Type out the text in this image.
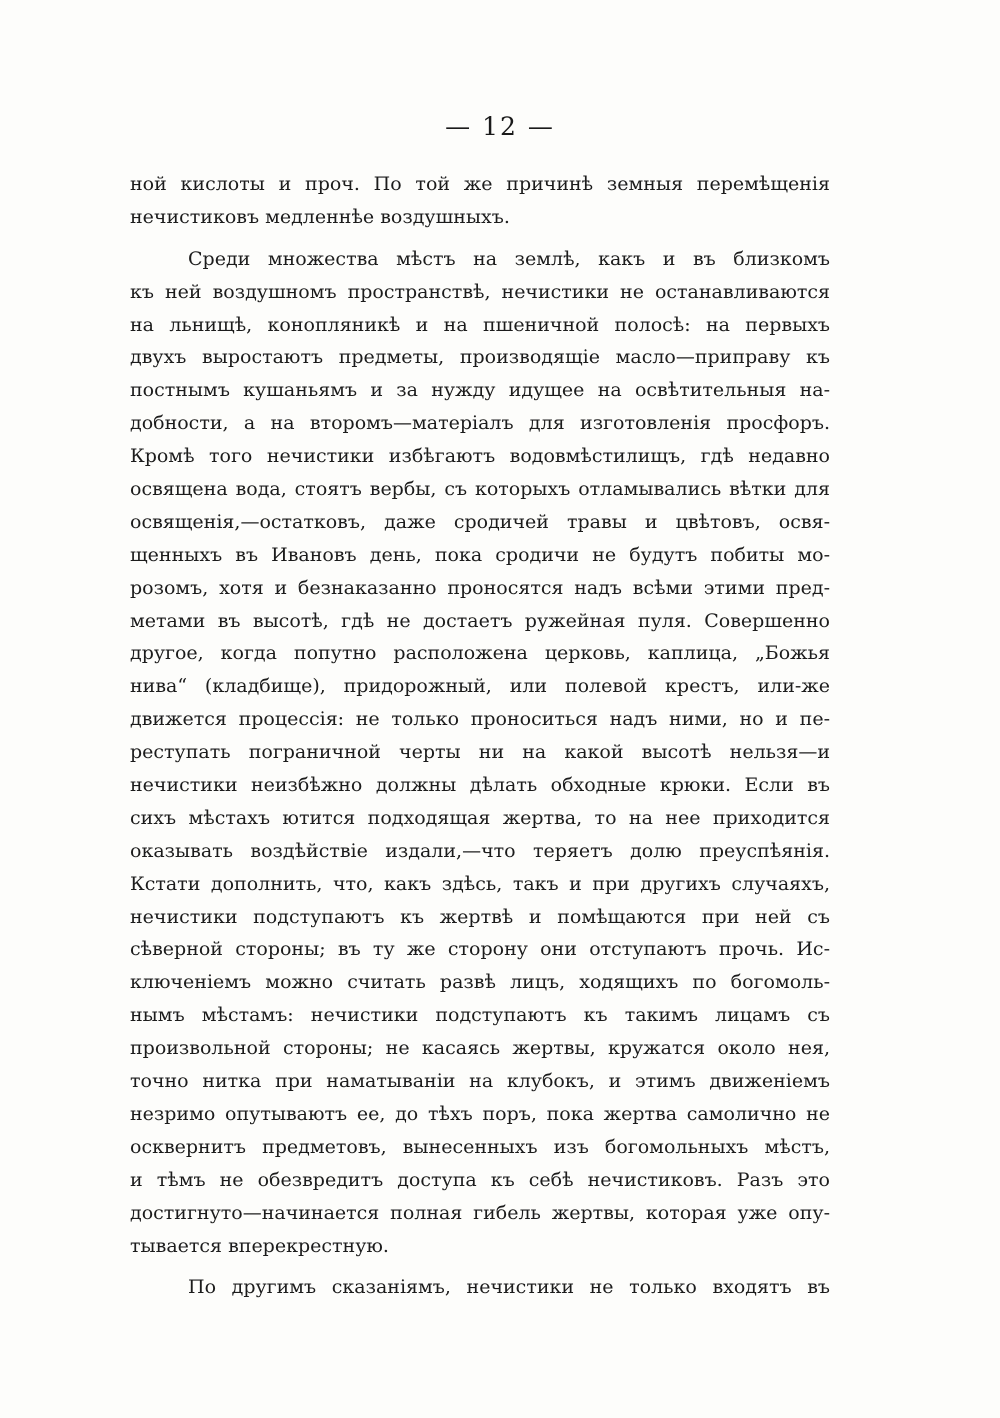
— 12 —
ной кислоты и проч. По той же причинѣ земныя перемѣщенія
нечистиковъ медленнѣе воздушныхъ.
Среди множества мѣстъ на землѣ, какъ и въ близкомъ
къ ней воздушномъ пространствѣ, нечистики не останавливаются
на льнищѣ, конопляникѣ и на пшеничной полосѣ: на первыхъ
двухъ выростаютъ предметы, производящіе масло—приправу къ
постнымъ кушаньямъ и за нужду идущее на освѣтительныя на-
добности, а на второмъ—матеріалъ для изготовленія просфоръ.
Кромѣ того нечистики избѣгаютъ водовмѣстилищъ, гдѣ недавно
освящена вода, стоятъ вербы, съ которыхъ отламывались вѣтки для
освященія,—остатковъ, даже сродичей травы и цвѣтовъ, освя-
щенныхъ въ Ивановъ день, пока сродичи не будутъ побиты мо-
розомъ, хотя и безнаказанно проносятся надъ всѣми этими пред-
метами въ высотѣ, гдѣ не достаетъ ружейная пуля. Совершенно
другое, когда попутно расположена церковь, каплица, „Божья
нива“ (кладбище), придорожный, или полевой крестъ, или-же
движется процессія: не только проноситься надъ ними, но и пе-
реступать пограничной черты ни на какой высотѣ нельзя—и
нечистики неизбѣжно должны дѣлать обходные крюки. Если въ
сихъ мѣстахъ ютится подходящая жертва, то на нее приходится
оказывать воздѣйствіе издали,—что теряетъ долю преуспѣянія.
Кстати дополнить, что, какъ здѣсь, такъ и при другихъ случаяхъ,
нечистики подступаютъ къ жертвѣ и помѣщаются при ней съ
сѣверной стороны; въ ту же сторону они отступаютъ прочь. Ис-
ключеніемъ можно считать развѣ лицъ, ходящихъ по богомоль-
нымъ мѣстамъ: нечистики подступаютъ къ такимъ лицамъ съ
произвольной стороны; не касаясь жертвы, кружатся около нея,
точно нитка при наматываніи на клубокъ, и этимъ движеніемъ
незримо опутываютъ ее, до тѣхъ поръ, пока жертва самолично не
осквернитъ предметовъ, вынесенныхъ изъ богомольныхъ мѣстъ,
и тѣмъ не обезвредитъ доступа къ себѣ нечистиковъ. Разъ это
достигнуто—начинается полная гибель жертвы, которая уже опу-
тывается вперекрестную.
По другимъ сказаніямъ, нечистики не только входятъ въ
